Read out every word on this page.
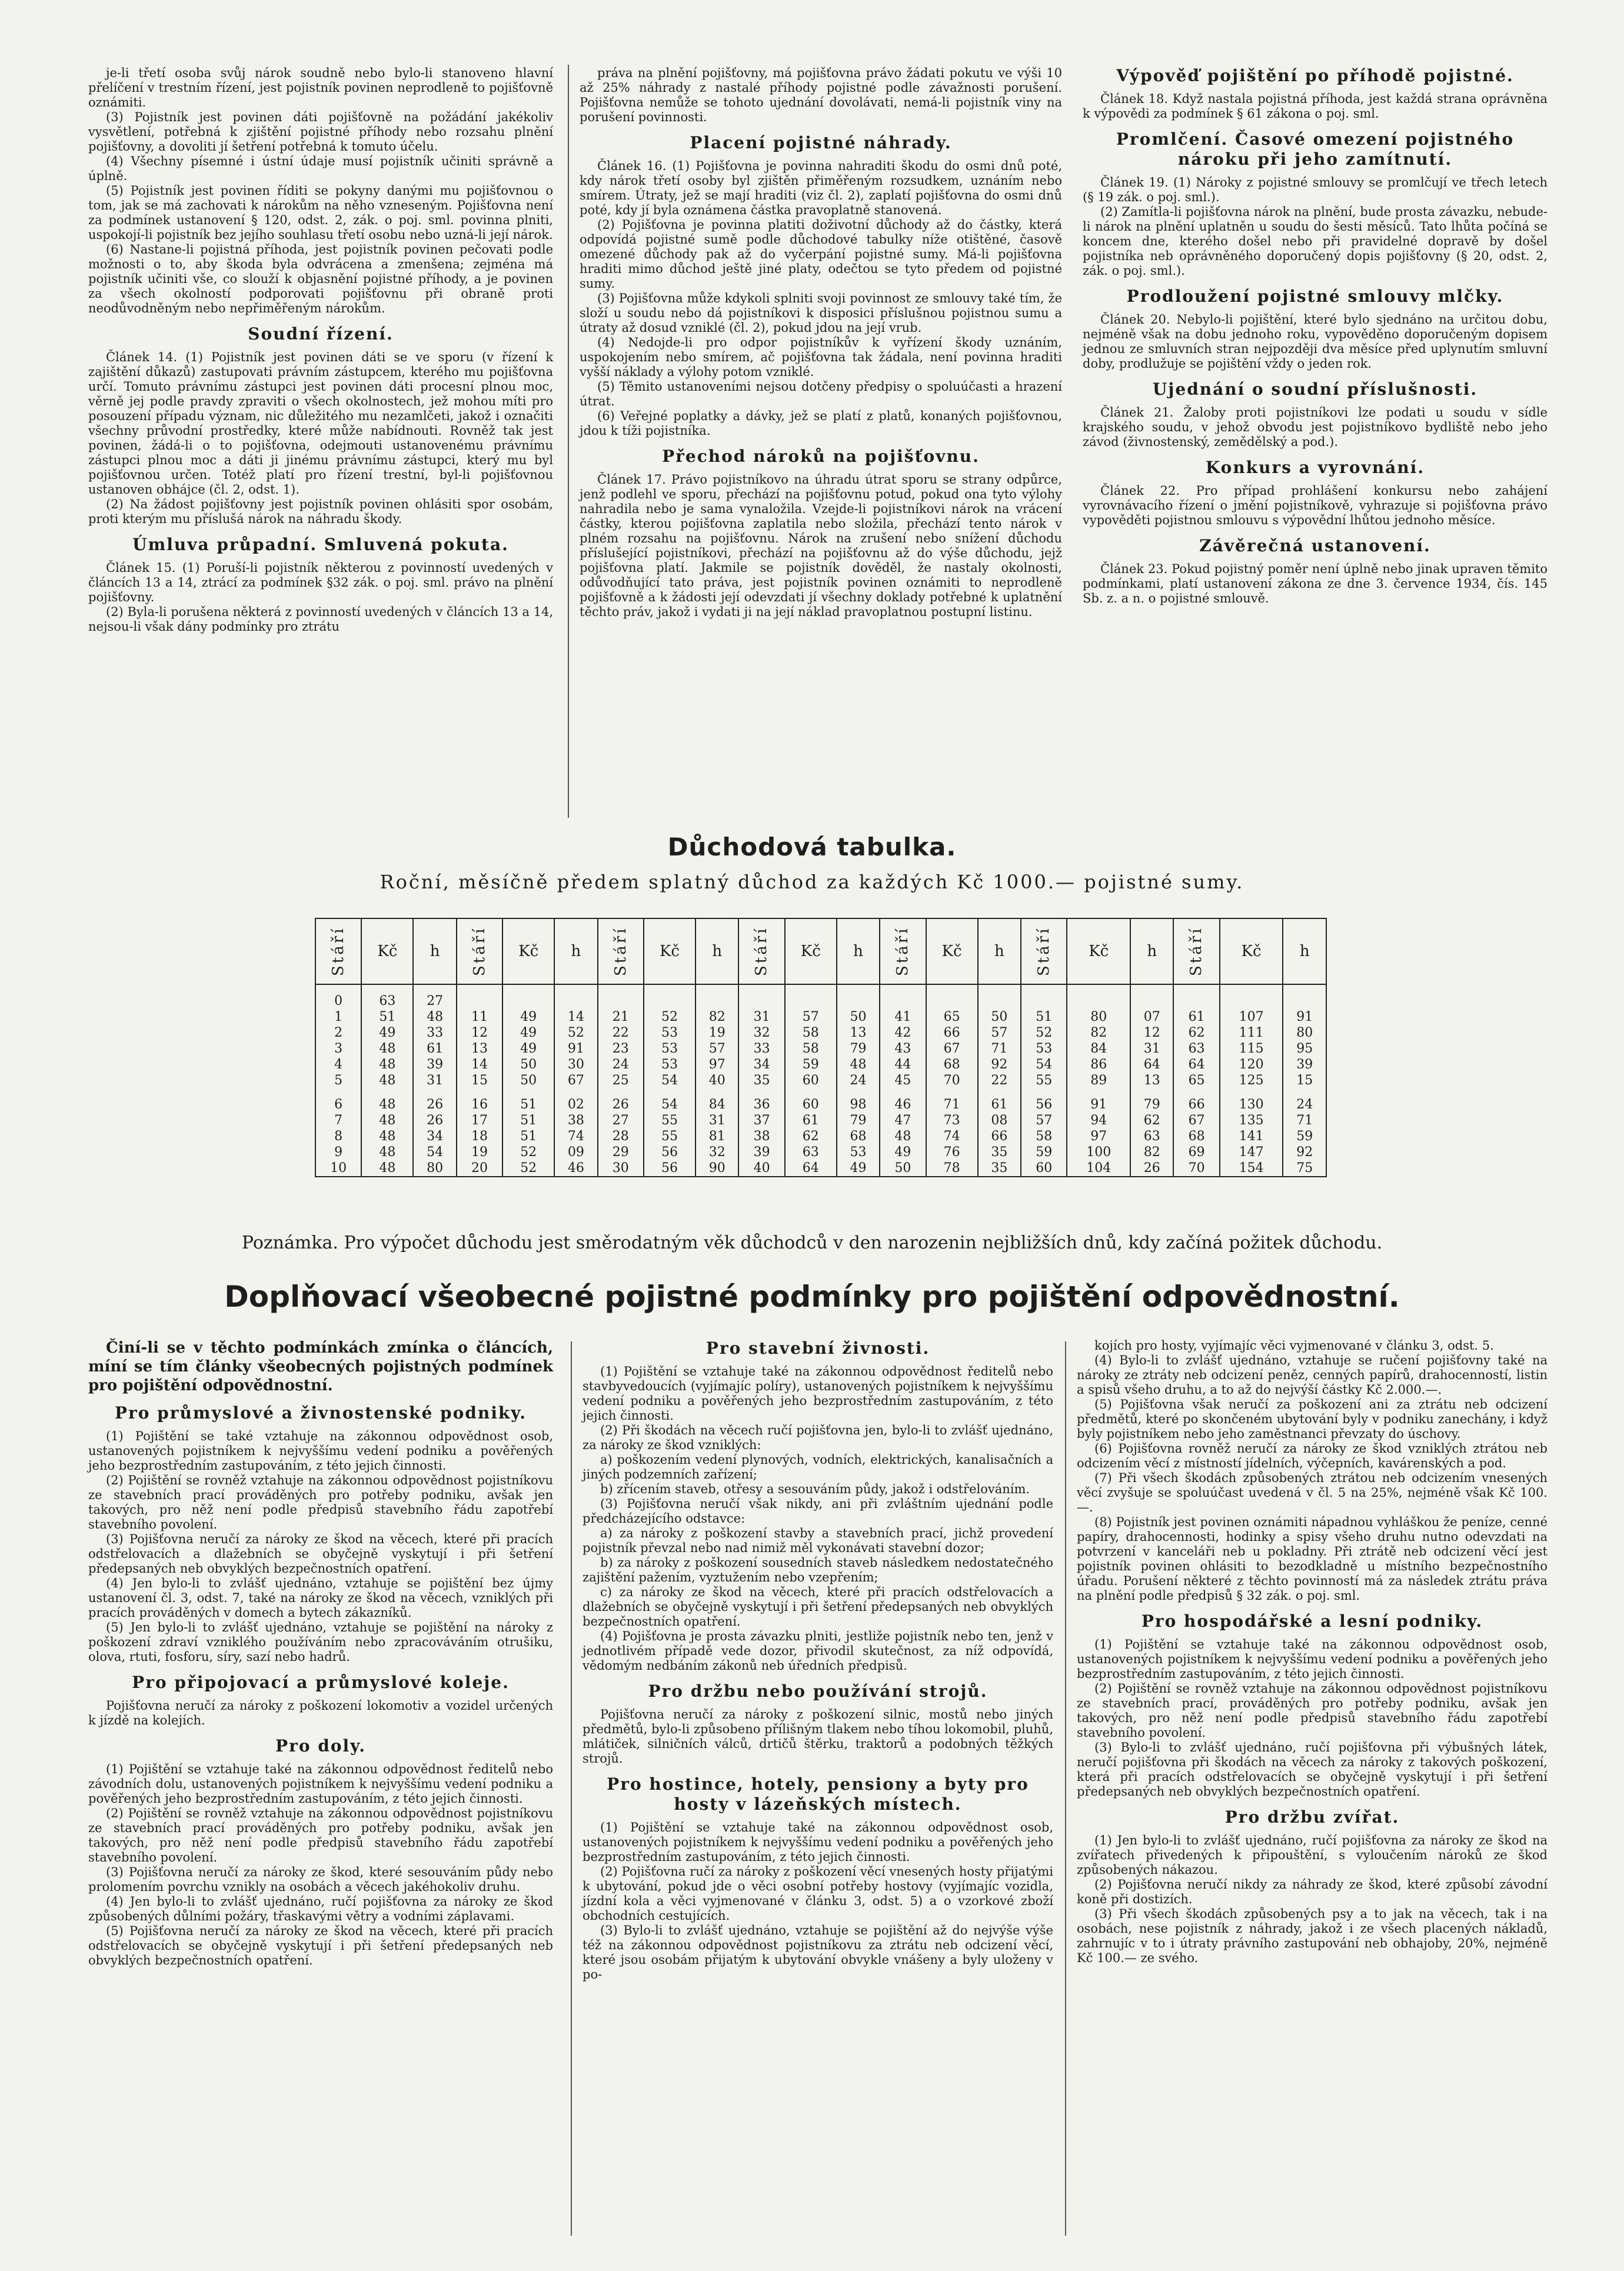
je-li třetí osoba svůj nárok soudně nebo bylo-li stanoveno hlavní přelíčení v trestním řízení, jest pojistník povinen neprodleně to pojišťovně oznámiti.

(3) Pojistník jest povinen dáti pojišťovně na požádání jakékoliv vysvětlení, potřebná k zjištění pojistné příhody nebo rozsahu plnění pojišťovny, a dovoliti jí šetření potřebná k tomuto účelu.

(4) Všechny písemné i ústní údaje musí pojistník učiniti správně a úplně.

(5) Pojistník jest povinen říditi se pokyny danými mu pojišťovnou o tom, jak se má zachovati k nárokům na něho vzneseným. Pojišťovna není za podmínek ustanovení § 120, odst. 2, zák. o poj. sml. povinna plniti, uspokojí-li pojistník bez jejího souhlasu třetí osobu nebo uzná-li její nárok.

(6) Nastane-li pojistná příhoda, jest pojistník povinen pečovati podle možnosti o to, aby škoda byla odvrácena a zmenšena; zejména má pojistník učiniti vše, co slouží k objasnění pojistné příhody, a je povinen za všech okolností podporovati pojišťovnu při obraně proti neodůvodněným nebo nepřiměřeným nárokům.

Soudní řízení.

Článek 14. (1) Pojistník jest povinen dáti se ve sporu (v řízení k zajištění důkazů) zastupovati právním zástupcem, kterého mu pojišťovna určí. Tomuto právnímu zástupci jest povinen dáti procesní plnou moc, věrně jej podle pravdy zpraviti o všech okolnostech, jež mohou míti pro posouzení případu význam, nic důležitého mu nezamlčeti, jakož i označiti všechny průvodní prostředky, které může nabídnouti. Rovněž tak jest povinen, žádá-li o to pojišťovna, odejmouti ustanovenému právnímu zástupci plnou moc a dáti ji jinému právnímu zástupci, který mu byl pojišťovnou určen. Totéž platí pro řízení trestní, byl-li pojišťovnou ustanoven obhájce (čl. 2, odst. 1).

(2) Na žádost pojišťovny jest pojistník povinen ohlásiti spor osobám, proti kterým mu příslušá nárok na náhradu škody.

Úmluva průpadní. Smluvená pokuta.

Článek 15. (1) Poruší-li pojistník některou z povinností uvedených v článcích 13 a 14, ztrácí za podmínek §32 zák. o poj. sml. právo na plnění pojišťovny.

(2) Byla-li porušena některá z povinností uvedených v článcích 13 a 14, nejsou-li však dány podmínky pro ztrátu

práva na plnění pojišťovny, má pojišťovna právo žádati pokutu ve výši 10 až 25% náhrady z nastalé příhody pojistné podle závažnosti porušení. Pojišťovna nemůže se tohoto ujednání dovolávati, nemá-li pojistník viny na porušení povinnosti.

Placení pojistné náhrady.

Článek 16. (1) Pojišťovna je povinna nahraditi škodu do osmi dnů poté, kdy nárok třetí osoby byl zjištěn přiměřeným rozsudkem, uznáním nebo smírem. Útraty, jež se mají hraditi (viz čl. 2), zaplatí pojišťovna do osmi dnů poté, kdy jí byla oznámena částka pravoplatně stanovená.

(2) Pojišťovna je povinna platiti doživotní důchody až do částky, která odpovídá pojistné sumě podle důchodové tabulky níže otištěné, časově omezené důchody pak až do vyčerpání pojistné sumy. Má-li pojišťovna hraditi mimo důchod ještě jiné platy, odečtou se tyto předem od pojistné sumy.

(3) Pojišťovna může kdykoli splniti svoji povinnost ze smlouvy také tím, že složí u soudu nebo dá pojistníkovi k disposici příslušnou pojistnou sumu a útraty až dosud vzniklé (čl. 2), pokud jdou na její vrub.

(4) Nedojde-li pro odpor pojistníkův k vyřízení škody uznáním, uspokojením nebo smírem, ač pojišťovna tak žádala, není povinna hraditi vyšší náklady a výlohy potom vzniklé.

(5) Těmito ustanoveními nejsou dotčeny předpisy o spoluúčasti a hrazení útrat.

(6) Veřejné poplatky a dávky, jež se platí z platů, konaných pojišťovnou, jdou k tíži pojistníka.

Přechod nároků na pojišťovnu.

Článek 17. Právo pojistníkovo na úhradu útrat sporu se strany odpůrce, jenž podlehl ve sporu, přechází na pojišťovnu potud, pokud ona tyto výlohy nahradila nebo je sama vynaložila. Vzejde-li pojistníkovi nárok na vrácení částky, kterou pojišťovna zaplatila nebo složila, přechází tento nárok v plném rozsahu na pojišťovnu. Nárok na zrušení nebo snížení důchodu příslušející pojistníkovi, přechází na pojišťovnu až do výše důchodu, jejž pojišťovna platí. Jakmile se pojistník dověděl, že nastaly okolnosti, odůvodňující tato práva, jest pojistník povinen oznámiti to neprodleně pojišťovně a k žádosti její odevzdati jí všechny doklady potřebné k uplatnění těchto práv, jakož i vydati ji na její náklad pravoplatnou postupní listinu.

Výpověď pojištění po příhodě pojistné.

Článek 18. Když nastala pojistná příhoda, jest každá strana oprávněna k výpovědi za podmínek § 61 zákona o poj. sml.

Promlčení. Časové omezení pojistného nároku při jeho zamítnutí.

Článek 19. (1) Nároky z pojistné smlouvy se promlčují ve třech letech (§ 19 zák. o poj. sml.).

(2) Zamítla-li pojišťovna nárok na plnění, bude prosta závazku, nebude-li nárok na plnění uplatněn u soudu do šesti měsíců. Tato lhůta počíná se koncem dne, kterého došel nebo při pravidelné dopravě by došel pojistníka neb oprávněného doporučený dopis pojišťovny (§ 20, odst. 2, zák. o poj. sml.).

Prodloužení pojistné smlouvy mlčky.

Článek 20. Nebylo-li pojištění, které bylo sjednáno na určitou dobu, nejméně však na dobu jednoho roku, vypověděno doporučeným dopisem jednou ze smluvních stran nejpozději dva měsíce před uplynutím smluvní doby, prodlužuje se pojištění vždy o jeden rok.

Ujednání o soudní příslušnosti.

Článek 21. Žaloby proti pojistníkovi lze podati u soudu v sídle krajského soudu, v jehož obvodu jest pojistníkovo bydliště nebo jeho závod (živnostenský, zemědělský a pod.).

Konkurs a vyrovnání.

Článek 22. Pro případ prohlášení konkursu nebo zahájení vyrovnávacího řízení o jmění pojistníkově, vyhrazuje si pojišťovna právo vypověděti pojistnou smlouvu s výpovědní lhůtou jednoho měsíce.

Závěrečná ustanovení.

Článek 23. Pokud pojistný poměr není úplně nebo jinak upraven těmito podmínkami, platí ustanovení zákona ze dne 3. července 1934, čís. 145 Sb. z. a n. o pojistné smlouvě.

Důchodová tabulka.
Roční, měsíčně předem splatný důchod za každých Kč 1000.— pojistné sumy.
Stáří	Kč	h	Stáří	Kč	h	Stáří	Kč	h	Stáří	Kč	h	Stáří	Kč	h	Stáří	Kč	h	Stáří	Kč	h
0	63	27																		
1	51	48	11	49	14	21	52	82	31	57	50	41	65	50	51	80	07	61	107	91
2	49	33	12	49	52	22	53	19	32	58	13	42	66	57	52	82	12	62	111	80
3	48	61	13	49	91	23	53	57	33	58	79	43	67	71	53	84	31	63	115	95
4	48	39	14	50	30	24	53	97	34	59	48	44	68	92	54	86	64	64	120	39
5	48	31	15	50	67	25	54	40	35	60	24	45	70	22	55	89	13	65	125	15

6	48	26	16	51	02	26	54	84	36	60	98	46	71	61	56	91	79	66	130	24
7	48	26	17	51	38	27	55	31	37	61	79	47	73	08	57	94	62	67	135	71
8	48	34	18	51	74	28	55	81	38	62	68	48	74	66	58	97	63	68	141	59
9	48	54	19	52	09	29	56	32	39	63	53	49	76	35	59	100	82	69	147	92
10	48	80	20	52	46	30	56	90	40	64	49	50	78	35	60	104	26	70	154	75
Poznámka. Pro výpočet důchodu jest směrodatným věk důchodců v den narozenin nejbližších dnů, kdy začíná požitek důchodu.
Doplňovací všeobecné pojistné podmínky pro pojištění odpovědnostní.

Činí-li se v těchto podmínkách zmínka o článcích, míní se tím články všeobecných pojistných podmínek pro pojištění odpovědnostní.

Pro průmyslové a živnostenské podniky.

(1) Pojištění se také vztahuje na zákonnou odpovědnost osob, ustanovených pojistníkem k nejvyššímu vedení podniku a pověřených jeho bezprostředním zastupováním, z této jejich činnosti.

(2) Pojištění se rovněž vztahuje na zákonnou odpovědnost pojistníkovu ze stavebních prací prováděných pro potřeby podniku, avšak jen takových, pro něž není podle předpisů stavebního řádu zapotřebí stavebního povolení.

(3) Pojišťovna neručí za nároky ze škod na věcech, které při pracích odstřelovacích a dlažebních se obyčejně vyskytují i při šetření předepsaných neb obvyklých bezpečnostních opatření.

(4) Jen bylo-li to zvlášť ujednáno, vztahuje se pojištění bez újmy ustanovení čl. 3, odst. 7, také na nároky ze škod na věcech, vzniklých při pracích prováděných v domech a bytech zákazníků.

(5) Jen bylo-li to zvlášť ujednáno, vztahuje se pojištění na nároky z poškození zdraví vzniklého používáním nebo zpracováváním otrušiku, olova, rtuti, fosforu, síry, sazí nebo hadrů.

Pro připojovací a průmyslové koleje.

Pojišťovna neručí za nároky z poškození lokomotiv a vozidel určených k jízdě na kolejích.

Pro doly.

(1) Pojištění se vztahuje také na zákonnou odpovědnost ředitelů nebo závodních dolu, ustanovených pojistníkem k nejvyššímu vedení podniku a pověřených jeho bezprostředním zastupováním, z této jejich činnosti.

(2) Pojištění se rovněž vztahuje na zákonnou odpovědnost pojistníkovu ze stavebních prací prováděných pro potřeby podniku, avšak jen takových, pro něž není podle předpisů stavebního řádu zapotřebí stavebního povolení.

(3) Pojišťovna neručí za nároky ze škod, které sesouváním půdy nebo prolomením povrchu vznikly na osobách a věcech jakéhokoliv druhu.

(4) Jen bylo-li to zvlášť ujednáno, ručí pojišťovna za nároky ze škod způsobených důlními požáry, třaskavými větry a vodními záplavami.

(5) Pojišťovna neručí za nároky ze škod na věcech, které při pracích odstřelovacích se obyčejně vyskytují i při šetření předepsaných neb obvyklých bezpečnostních opatření.

Pro stavební živnosti.

(1) Pojištění se vztahuje také na zákonnou odpovědnost ředitelů nebo stavbyvedoucích (vyjímajíc políry), ustanovených pojistníkem k nejvyššímu vedení podniku a pověřených jeho bezprostředním zastupováním, z této jejich činnosti.

(2) Při škodách na věcech ručí pojišťovna jen, bylo-li to zvlášť ujednáno, za nároky ze škod vzniklých:

a) poškozením vedení plynových, vodních, elektrických, kanalisačních a jiných podzemních zařízení;

b) zřícením staveb, otřesy a sesouváním půdy, jakož i odstřelováním.

(3) Pojišťovna neručí však nikdy, ani při zvláštním ujednání podle předcházejícího odstavce:

a) za nároky z poškození stavby a stavebních prací, jichž provedení pojistník převzal nebo nad nimiž měl vykonávati stavební dozor;

b) za nároky z poškození sousedních staveb následkem nedostatečného zajištění pažením, vyztužením nebo vzepřením;

c) za nároky ze škod na věcech, které při pracích odstřelovacích a dlažebních se obyčejně vyskytují i při šetření předepsaných neb obvyklých bezpečnostních opatření.

(4) Pojišťovna je prosta závazku plniti, jestliže pojistník nebo ten, jenž v jednotlivém případě vede dozor, přivodil skutečnost, za níž odpovídá, vědomým nedbáním zákonů neb úředních předpisů.

Pro držbu nebo používání strojů.

Pojišťovna neručí za nároky z poškození silnic, mostů nebo jiných předmětů, bylo-li způsobeno přílišným tlakem nebo tíhou lokomobil, pluhů, mlátiček, silničních válců, drtičů štěrku, traktorů a podobných těžkých strojů.

Pro hostince, hotely, pensiony a byty pro hosty v lázeňských místech.

(1) Pojištění se vztahuje také na zákonnou odpovědnost osob, ustanovených pojistníkem k nejvyššímu vedení podniku a pověřených jeho bezprostředním zastupováním, z této jejich činnosti.

(2) Pojišťovna ručí za nároky z poškození věcí vnesených hosty přijatými k ubytování, pokud jde o věci osobní potřeby hostovy (vyjímajíc vozidla, jízdní kola a věci vyjmenované v článku 3, odst. 5) a o vzorkové zboží obchodních cestujících.

(3) Bylo-li to zvlášť ujednáno, vztahuje se pojištění až do nejvýše výše též na zákonnou odpovědnost pojistníkovu za ztrátu neb odcizení věcí, které jsou osobám přijatým k ubytování obvykle vnášeny a byly uloženy v po-

kojích pro hosty, vyjímajíc věci vyjmenované v článku 3, odst. 5.

(4) Bylo-li to zvlášť ujednáno, vztahuje se ručení pojišťovny také na nároky ze ztráty neb odcizení peněz, cenných papírů, drahocenností, listin a spisů všeho druhu, a to až do nejvýší částky Kč 2.000.—.

(5) Pojišťovna však neručí za poškození ani za ztrátu neb odcizení předmětů, které po skončeném ubytování byly v podniku zanechány, i když byly pojistníkem nebo jeho zaměstnanci převzaty do úschovy.

(6) Pojišťovna rovněž neručí za nároky ze škod vzniklých ztrátou neb odcizením věcí z místností jídelních, výčepních, kavárenských a pod.

(7) Při všech škodách způsobených ztrátou neb odcizením vnesených věcí zvyšuje se spoluúčast uvedená v čl. 5 na 25%, nejméně však Kč 100.—.

(8) Pojistník jest povinen oznámiti nápadnou vyhláškou že peníze, cenné papíry, drahocennosti, hodinky a spisy všeho druhu nutno odevzdati na potvrzení v kanceláři neb u pokladny. Při ztrátě neb odcizení věcí jest pojistník povinen ohlásiti to bezodkladně u místního bezpečnostního úřadu. Porušení některé z těchto povinností má za následek ztrátu práva na plnění podle předpisů § 32 zák. o poj. sml.

Pro hospodářské a lesní podniky.

(1) Pojištění se vztahuje také na zákonnou odpovědnost osob, ustanovených pojistníkem k nejvyššímu vedení podniku a pověřených jeho bezprostředním zastupováním, z této jejich činnosti.

(2) Pojištění se rovněž vztahuje na zákonnou odpovědnost pojistníkovu ze stavebních prací, prováděných pro potřeby podniku, avšak jen takových, pro něž není podle předpisů stavebního řádu zapotřebí stavebního povolení.

(3) Bylo-li to zvlášť ujednáno, ručí pojišťovna při výbušných látek, neručí pojišťovna při škodách na věcech za nároky z takových poškození, která při pracích odstřelovacích se obyčejně vyskytují i při šetření předepsaných neb obvyklých bezpečnostních opatření.

Pro držbu zvířat.

(1) Jen bylo-li to zvlášť ujednáno, ručí pojišťovna za nároky ze škod na zvířatech přivedených k připouštění, s vyloučením nároků ze škod způsobených nákazou.

(2) Pojišťovna neručí nikdy za náhrady ze škod, které způsobí závodní koně při dostizích.

(3) Při všech škodách způsobených psy a to jak na věcech, tak i na osobách, nese pojistník z náhrady, jakož i ze všech placených nákladů, zahrnujíc v to i útraty právního zastupování neb obhajoby, 20%, nejméně Kč 100.— ze svého.
